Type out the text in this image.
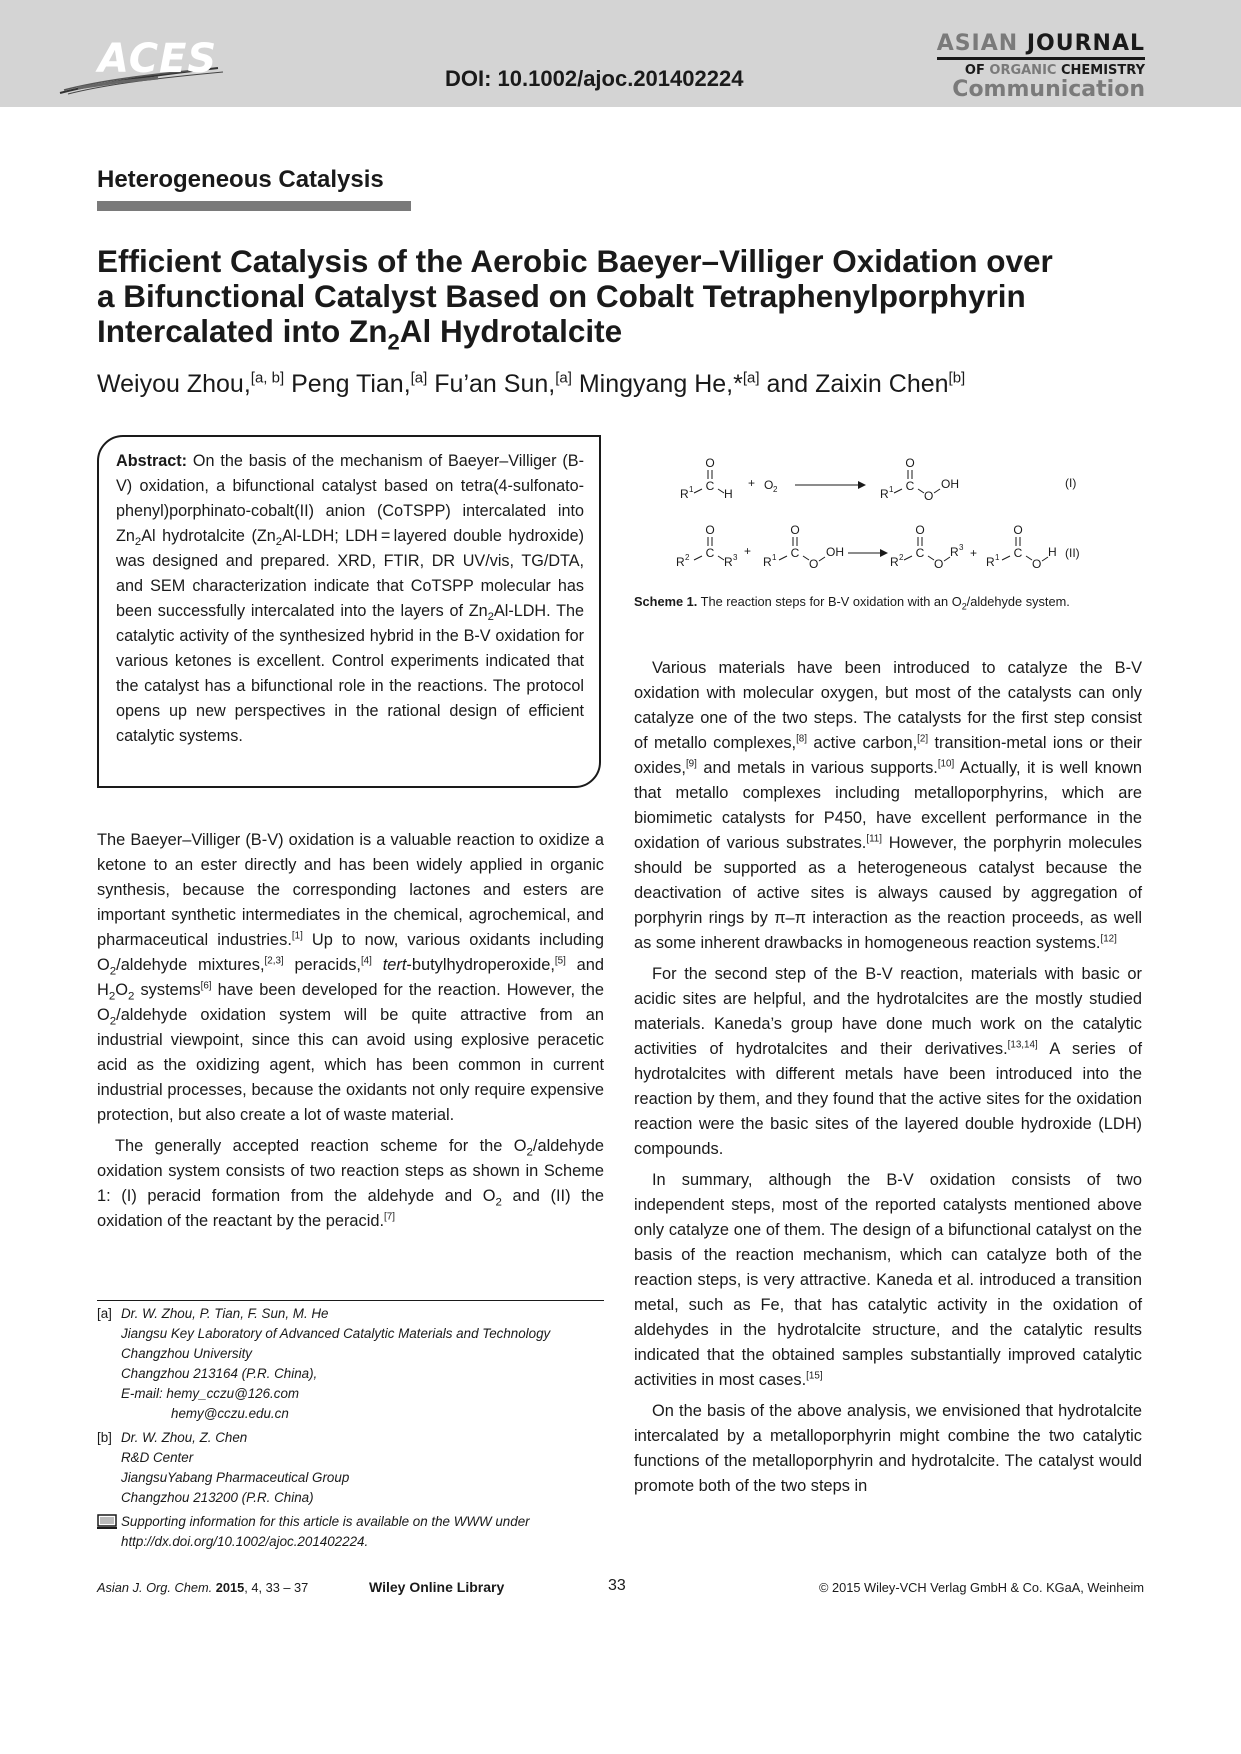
ACES	DOI: 10.1002/ajoc.201402224
ASIAN JOURNAL
OF ORGANIC CHEMISTRY
Communication
Heterogeneous Catalysis
Efficient Catalysis of the Aerobic Baeyer–Villiger Oxidation over
a Bifunctional Catalyst Based on Cobalt Tetraphenylporphyrin
Intercalated into $Zn_2Al$ Hydrotalcite
Weiyou Zhou,[a, b] Peng Tian,[a] Fu’an Sun,[a] Mingyang He,*[a] and Zaixin Chen[b]
Abstract: On the basis of the mechanism of Baeyer–Villiger (B-V) oxidation, a bifunctional catalyst based on tetra(4-sulfonato-phenyl)porphinato-cobalt(II) anion (CoTSPP) intercalated into $Zn_2Al$ hydrotalcite ($Zn_2Al$-LDH; LDH = layered double hydroxide) was designed and prepared. XRD, FTIR, DR UV/vis, TG/DTA, and SEM characterization indicate that CoTSPP molecular has been successfully intercalated into the layers of $Zn_2Al$-LDH. The catalytic activity of the synthesized hybrid in the B-V oxidation for various ketones is excellent. Control experiments indicated that the catalyst has a bifunctional role in the reactions. The protocol opens up new perspectives in the rational design of efficient catalytic systems.

The Baeyer–Villiger (B-V) oxidation is a valuable reaction to oxidize a ketone to an ester directly and has been widely applied in organic synthesis, because the corresponding lactones and esters are important synthetic intermediates in the chemical, agrochemical, and pharmaceutical industries.[1] Up to now, various oxidants including $O_2$/aldehyde mixtures,[2,3] peracids,[4] tert-butylhydroperoxide,[5] and $H_2O_2$ systems[6] have been developed for the reaction. However, the $O_2$/aldehyde oxidation system will be quite attractive from an industrial viewpoint, since this can avoid using explosive peracetic acid as the oxidizing agent, which has been common in current industrial processes, because the oxidants not only require expensive protection, but also create a lot of waste material.

The generally accepted reaction scheme for the $O_2$/aldehyde oxidation system consists of two reaction steps as shown in Scheme 1: (I) peracid formation from the aldehyde and $O_2$ and (II) the oxidation of the reactant by the peracid.[7]

[a] Dr. W. Zhou, P. Tian, F. Sun, M. He
Jiangsu Key Laboratory of Advanced Catalytic Materials and Technology
Changzhou University
Changzhou 213164 (P.R. China),
E-mail: hemy_cczu@126.com
hemy@cczu.edu.cn
[b] Dr. W. Zhou, Z. Chen
R&D Center
JiangsuYabang Pharmaceutical Group
Changzhou 213200 (P.R. China)
Supporting information for this article is available on the WWW under
http://dx.doi.org/10.1002/ajoc.201402224.
O
C
R 1	H
+ O 2
O
C
R 1	O
OH	(I)
O
C
R 2	R 3 +
O
C
R 1	O
OH
O
C
R 2	O
R 3 +
O
C
R 1	O
H (II)
Scheme 1. The reaction steps for B-V oxidation with an $O_2$/aldehyde system.

Various materials have been introduced to catalyze the B-V oxidation with molecular oxygen, but most of the catalysts can only catalyze one of the two steps. The catalysts for the first step consist of metallo complexes,[8] active carbon,[2] transition-metal ions or their oxides,[9] and metals in various supports.[10] Actually, it is well known that metallo complexes including metalloporphyrins, which are biomimetic catalysts for P450, have excellent performance in the oxidation of various substrates.[11] However, the porphyrin molecules should be supported as a heterogeneous catalyst because the deactivation of active sites is always caused by aggregation of porphyrin rings by π–π interaction as the reaction proceeds, as well as some inherent drawbacks in homogeneous reaction systems.[12]

For the second step of the B-V reaction, materials with basic or acidic sites are helpful, and the hydrotalcites are the mostly studied materials. Kaneda’s group have done much work on the catalytic activities of hydrotalcites and their derivatives.[13,14] A series of hydrotalcites with different metals have been introduced into the reaction by them, and they found that the active sites for the oxidation reaction were the basic sites of the layered double hydroxide (LDH) compounds.

In summary, although the B-V oxidation consists of two independent steps, most of the reported catalysts mentioned above only catalyze one of them. The design of a bifunctional catalyst on the basis of the reaction mechanism, which can catalyze both of the reaction steps, is very attractive. Kaneda et al. introduced a transition metal, such as Fe, that has catalytic activity in the oxidation of aldehydes in the hydrotalcite structure, and the catalytic results indicated that the obtained samples substantially improved catalytic activities in most cases.[15]

On the basis of the above analysis, we envisioned that hydrotalcite intercalated by a metalloporphyrin might combine the two catalytic functions of the metalloporphyrin and hydrotalcite. The catalyst would promote both of the two steps in

Asian J. Org. Chem. 2015, 4, 33 – 37	Wiley Online Library	33	© 2015 Wiley-VCH Verlag GmbH & Co. KGaA, Weinheim
